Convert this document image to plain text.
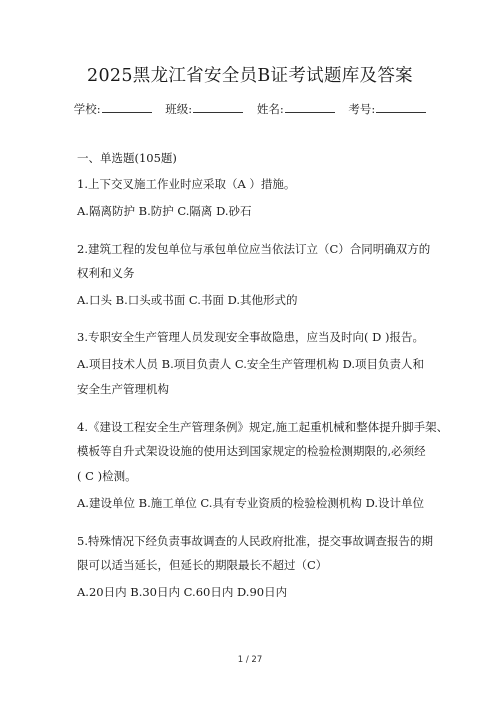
2025黑龙江省安全员B证考试题库及答案
学校:	班级:	姓名:	考号:
一、单选题(105题)
1.上下交叉施工作业时应采取（A ）措施。
A.隔离防护 B.防护 C.隔离 D.砂石
2.建筑工程的发包单位与承包单位应当依法订立（C）合同明确双方的
权利和义务
A.口头 B.口头或书面 C.书面 D.其他形式的
3.专职安全生产管理人员发现安全事故隐患，应当及时向( D )报告。
A.项目技术人员 B.项目负责人 C.安全生产管理机构 D.项目负责人和
安全生产管理机构
4.《建设工程安全生产管理条例》规定,施工起重机械和整体提升脚手架、
模板等自升式架设设施的使用达到国家规定的检验检测期限的,必须经
( C )检测。
A.建设单位 B.施工单位 C.具有专业资质的检验检测机构 D.设计单位
5.特殊情况下经负责事故调查的人民政府批准，提交事故调查报告的期
限可以适当延长，但延长的期限最长不超过（C）
A.20日内 B.30日内 C.60日内 D.90日内
1 / 27
